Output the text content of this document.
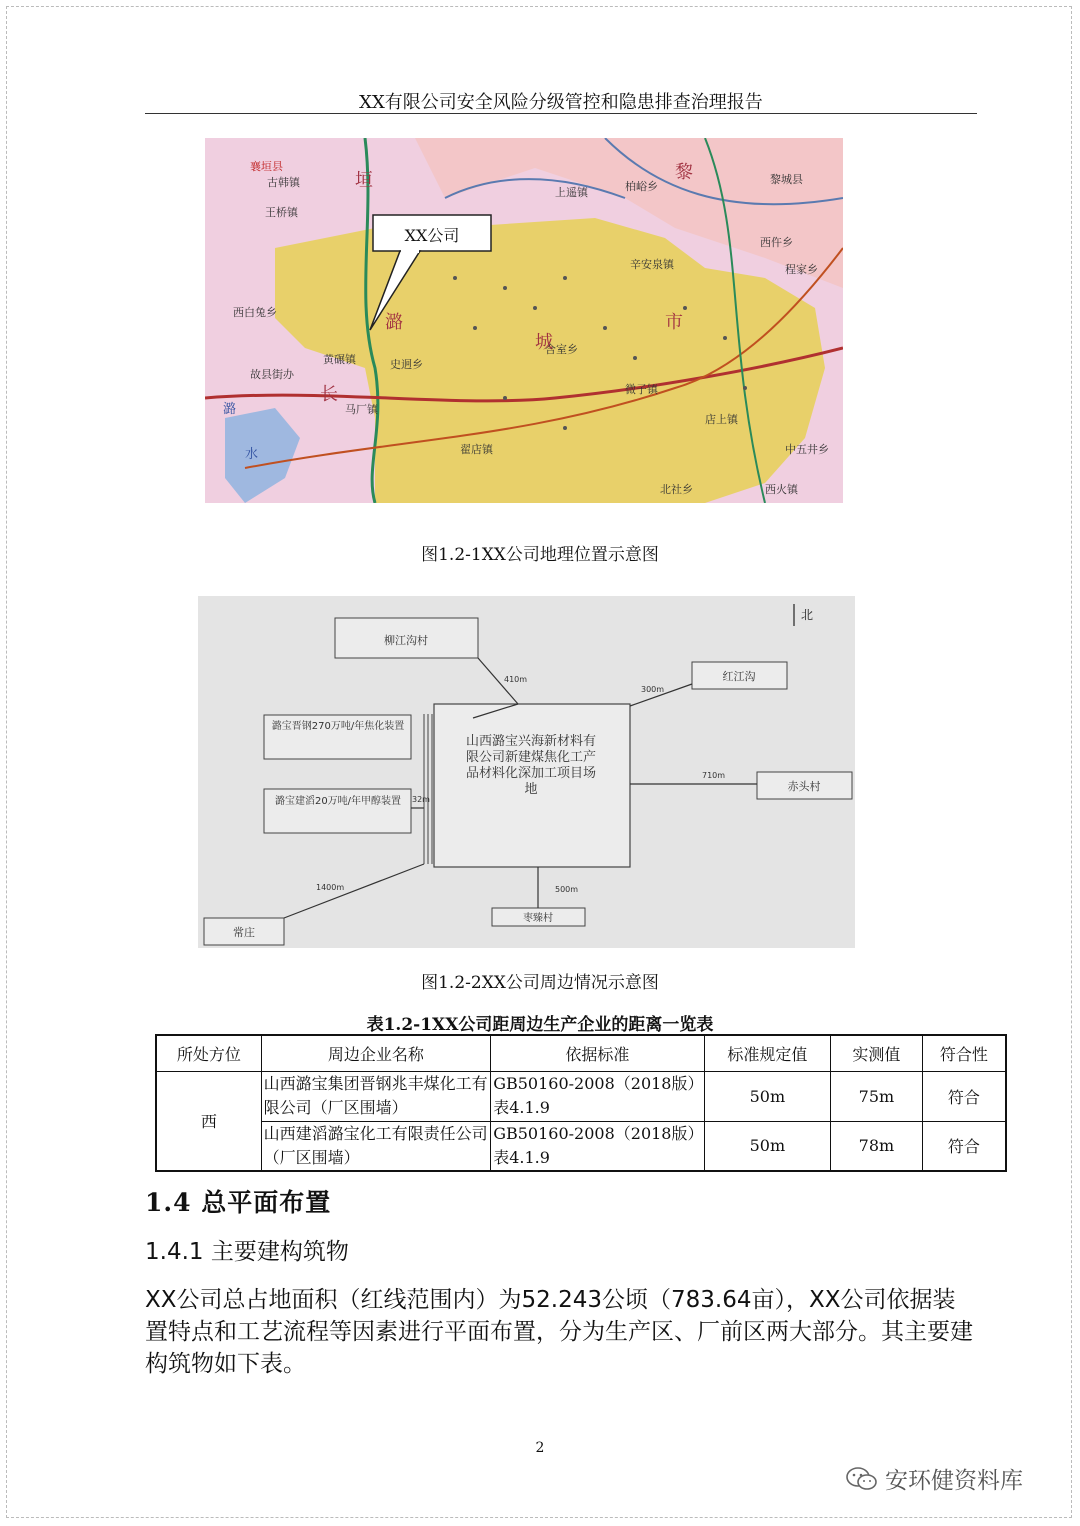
XX有限公司安全风险分级管控和隐患排查治理报告
襄垣县
古韩镇	垣
上遥镇
黎
柏峪乡
黎城县
王桥镇
西仵乡
程家乡
西白兔乡
辛安泉镇
潞
城
市
黄碾镇	史迥乡
故县街办
马厂镇
长	微子镇
店上镇
合室乡
翟店镇
北社乡
中五井乡
潞
水
西火镇
XX公司
图1.2-1XX公司地理位置示意图
北
山西潞宝兴海新材料有限公司新建煤焦化工产品材料化深加工项目场地
柳江沟村
红江沟
潞宝晋钢270万吨/年焦化装置
潞宝建滔20万吨/年甲醇装置
赤头村
枣臻村
常庄
410m
300m
710m
32m
500m
1400m
图1.2-2XX公司周边情况示意图
表1.2-1XX公司距周边生产企业的距离一览表
所处方位	周边企业名称	依据标准	标准规定值	实测值	符合性
西	山西潞宝集团晋钢兆丰煤化工有限公司（厂区围墙）	GB50160-2008（2018版）表4.1.9	50m	75m	符合
	山西建滔潞宝化工有限责任公司（厂区围墙）	GB50160-2008（2018版）表4.1.9	50m	78m	符合
1.4 总平面布置
1.4.1 主要建构筑物
XX公司总占地面积（红线范围内）为52.243公顷（783.64亩），XX公司依据装置特点和工艺流程等因素进行平面布置，分为生产区、厂前区两大部分。其主要建构筑物如下表。
2
安环健资料库
